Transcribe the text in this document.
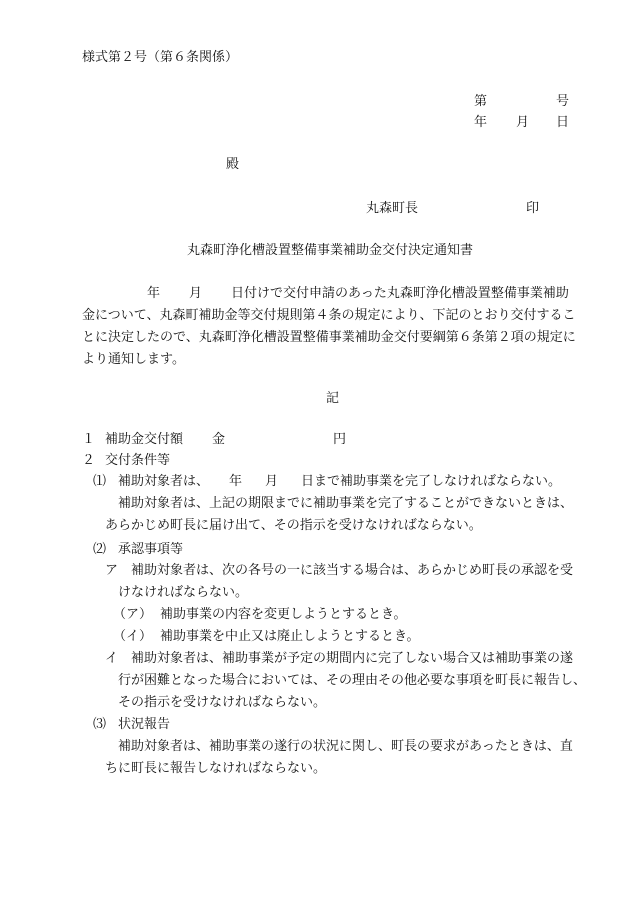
様式第２号（第６条関係）
第	号
年 月 日
殿
丸森町長	印
丸森町浄化槽設置整備事業補助金交付決定通知書
年 月 日付けで交付申請のあった丸森町浄化槽設置整備事業補助
金について、丸森町補助金等交付規則第４条の規定により、下記のとおり交付するこ
とに決定したので、丸森町浄化槽設置整備事業補助金交付要綱第６条第２項の規定に
より通知します。
記
１ 補助金交付額 金	円
２ 交付条件等
⑴ 補助対象者は、 年 月 日まで補助事業を完了しなければならない。
補助対象者は、上記の期限までに補助事業を完了することができないときは、
あらかじめ町長に届け出て、その指示を受けなければならない。
⑵ 承認事項等
ア 補助対象者は、次の各号の一に該当する場合は、あらかじめ町長の承認を受
けなければならない。
（ア） 補助事業の内容を変更しようとするとき。
（イ） 補助事業を中止又は廃止しようとするとき。
イ 補助対象者は、補助事業が予定の期間内に完了しない場合又は補助事業の遂
行が困難となった場合においては、その理由その他必要な事項を町長に報告し、
その指示を受けなければならない。
⑶ 状況報告
補助対象者は、補助事業の遂行の状況に関し、町長の要求があったときは、直
ちに町長に報告しなければならない。
